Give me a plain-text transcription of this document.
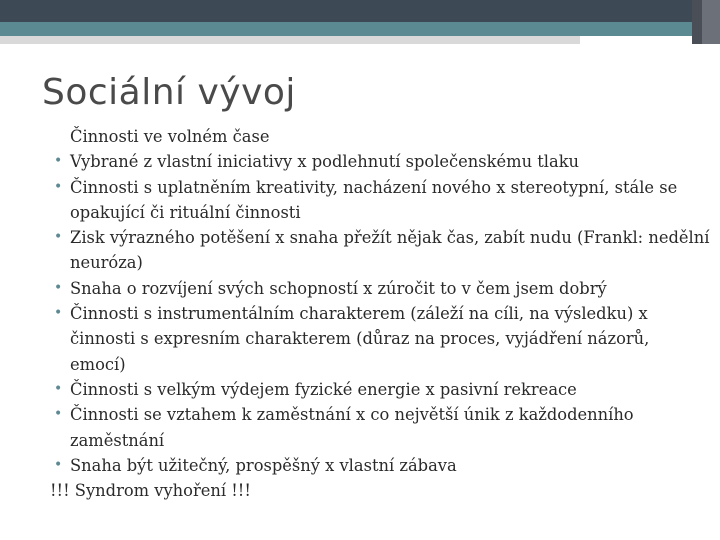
Sociální vývoj

Činnosti ve volném čase

• Vybrané z vlastní iniciativy x podlehnutí společenskému tlaku
• Činnosti s uplatněním kreativity, nacházení nového x stereotypní, stále se opakující či rituální činnosti
• Zisk výrazného potěšení x snaha přežít nějak čas, zabít nudu (Frankl: nedělní neuróza)
• Snaha o rozvíjení svých schopností x zúročit to v čem jsem dobrý
• Činnosti s instrumentálním charakterem (záleží na cíli, na výsledku) x činnosti s expresním charakterem (důraz na proces, vyjádření názorů, emocí)
• Činnosti s velkým výdejem fyzické energie x pasivní rekreace
• Činnosti se vztahem k zaměstnání x co největší únik z každodenního zaměstnání
• Snaha být užitečný, prospěšný x vlastní zábava

!!! Syndrom vyhoření !!!
